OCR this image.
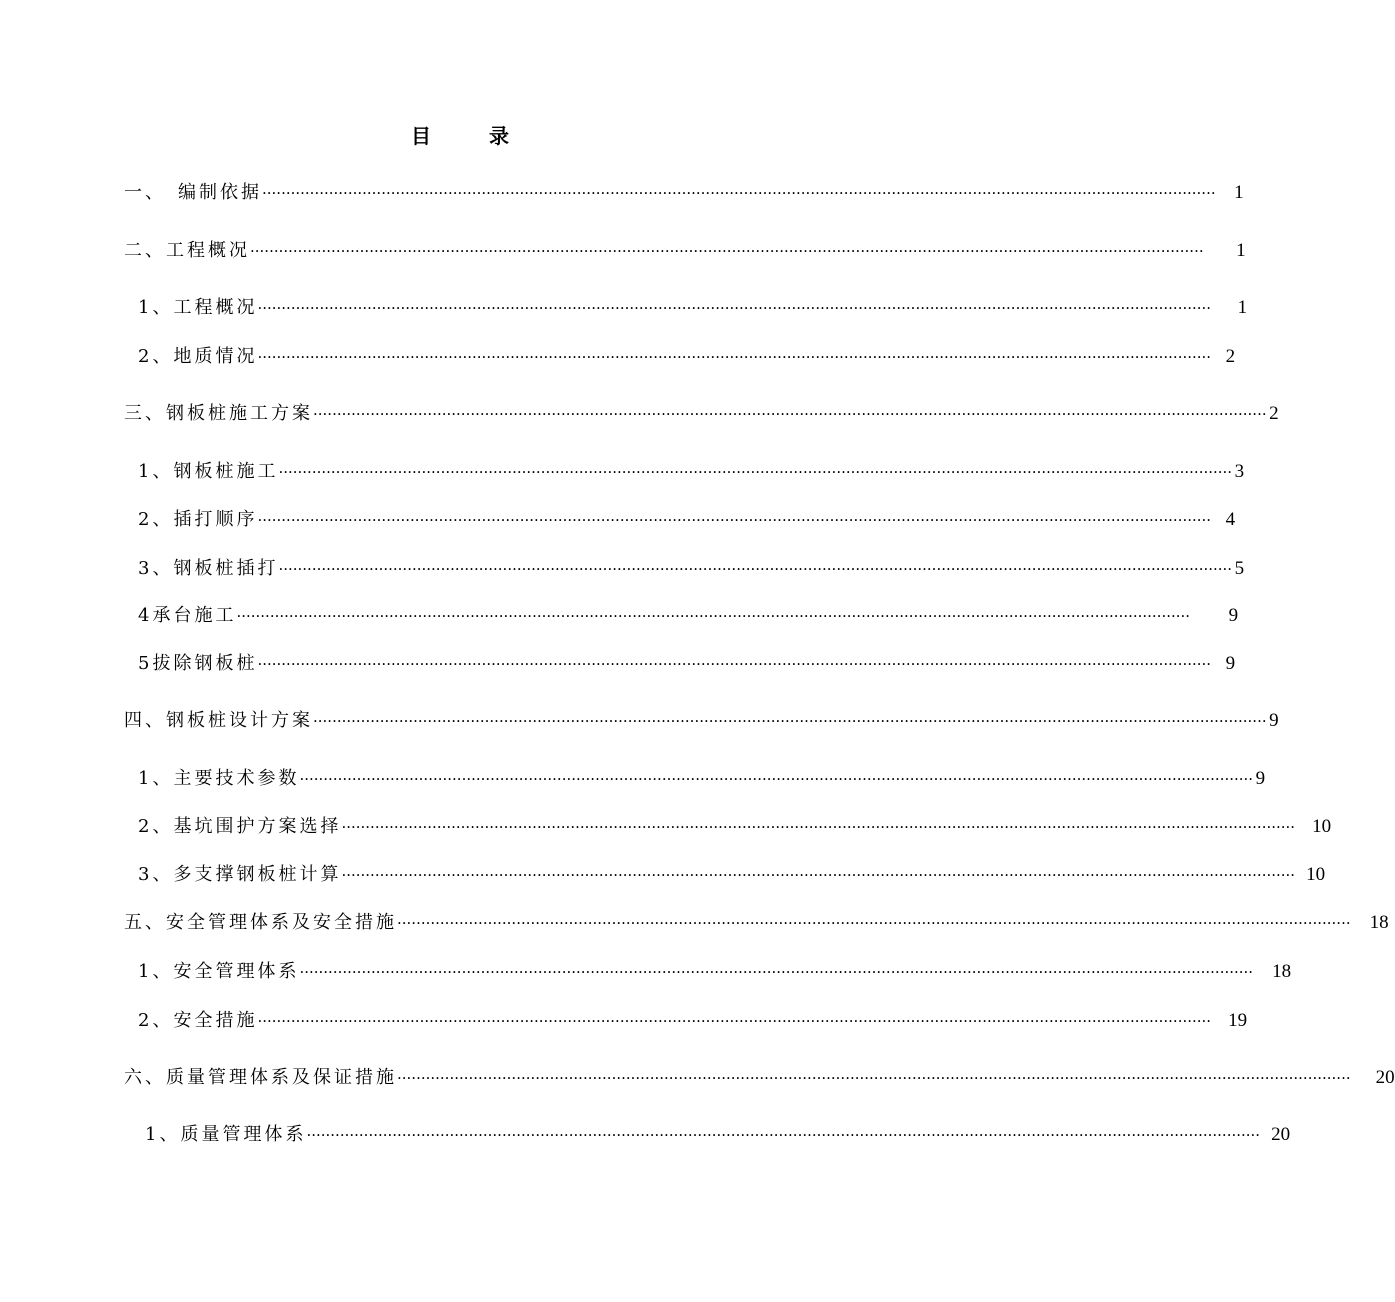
目	录
一、　编制依据 ········································································································································································································ 1
二、工程概况 ········································································································································································································	1
1、工程概况 ········································································································································································································	1
2、地质情况 ········································································································································································································ 2
三、钢板桩施工方案 ········································································································································································································ 2
1、钢板桩施工 ········································································································································································································ 3
2、插打顺序 ········································································································································································································ 4
3、钢板桩插打 ········································································································································································································ 5
4承台施工 ········································································································································································································	9
5拔除钢板桩 ········································································································································································································ 9
四、钢板桩设计方案 ········································································································································································································ 9
1、主要技术参数 ········································································································································································································ 9
2、基坑围护方案选择 ········································································································································································································ 10
3、多支撑钢板桩计算 ········································································································································································································ 10
五、安全管理体系及安全措施 ········································································································································································································	18
1、安全管理体系 ········································································································································································································	18
2、安全措施 ········································································································································································································ 19
六、质量管理体系及保证措施 ········································································································································································································	20
1、质量管理体系 ········································································································································································································ 20
